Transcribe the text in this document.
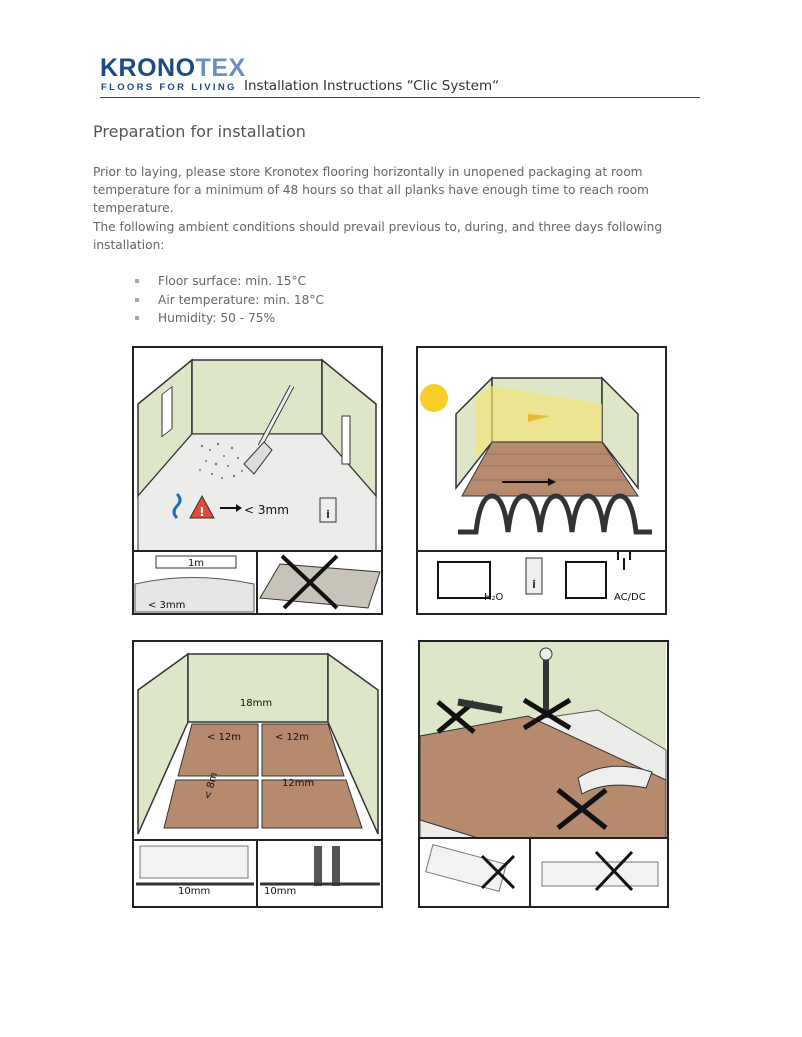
KRONOTEX
FLOORS FOR LIVING Installation Instructions “Clic System“
Preparation for installation
Prior to laying, please store Kronotex flooring horizontally in unopened packaging at room temperature for a minimum of 48 hours so that all planks have enough time to reach room temperature.
The following ambient conditions should prevail previous to, during, and three days following installation:
Floor surface: min. 15°C
Air temperature: min. 18°C
Humidity: 50 - 75%
!	< 3mm	i
1m
< 3mm
H₂O
i
AC/DC
18mm
< 12m	< 12m
< 8m	12mm
10mm	10mm
